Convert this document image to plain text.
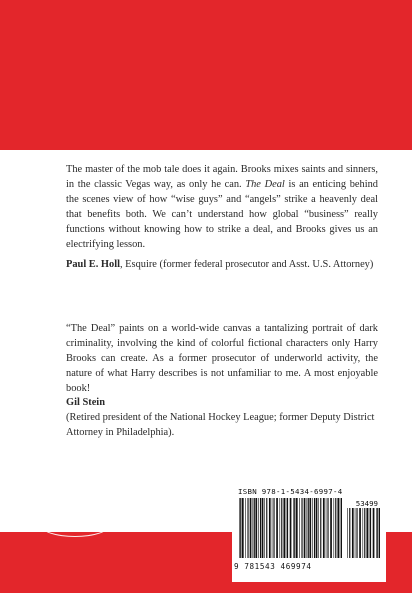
The master of the mob tale does it again. Brooks mixes saints and sinners, in the classic Vegas way, as only he can. The Deal is an enticing behind the scenes view of how “wise guys” and “angels” strike a heavenly deal that benefits both. We can’t understand how global “business” really functions without knowing how to strike a deal, and Brooks gives us an electrifying lesson.

Paul E. Holl, Esquire (former federal prosecutor and Asst. U.S. Attorney)

“The Deal” paints on a world-wide canvas a tantalizing portrait of dark criminality, involving the kind of colorful fictional characters only Harry Brooks can create. As a former prosecutor of underworld activity, the nature of what Harry describes is not unfamiliar to me. A most enjoyable book!

Gil Stein
(Retired president of the National Hockey League; former Deputy District Attorney in Philadelphia).

Xlibris
ISBN 978-1-5434-6997-4
53499
9 781543 469974
